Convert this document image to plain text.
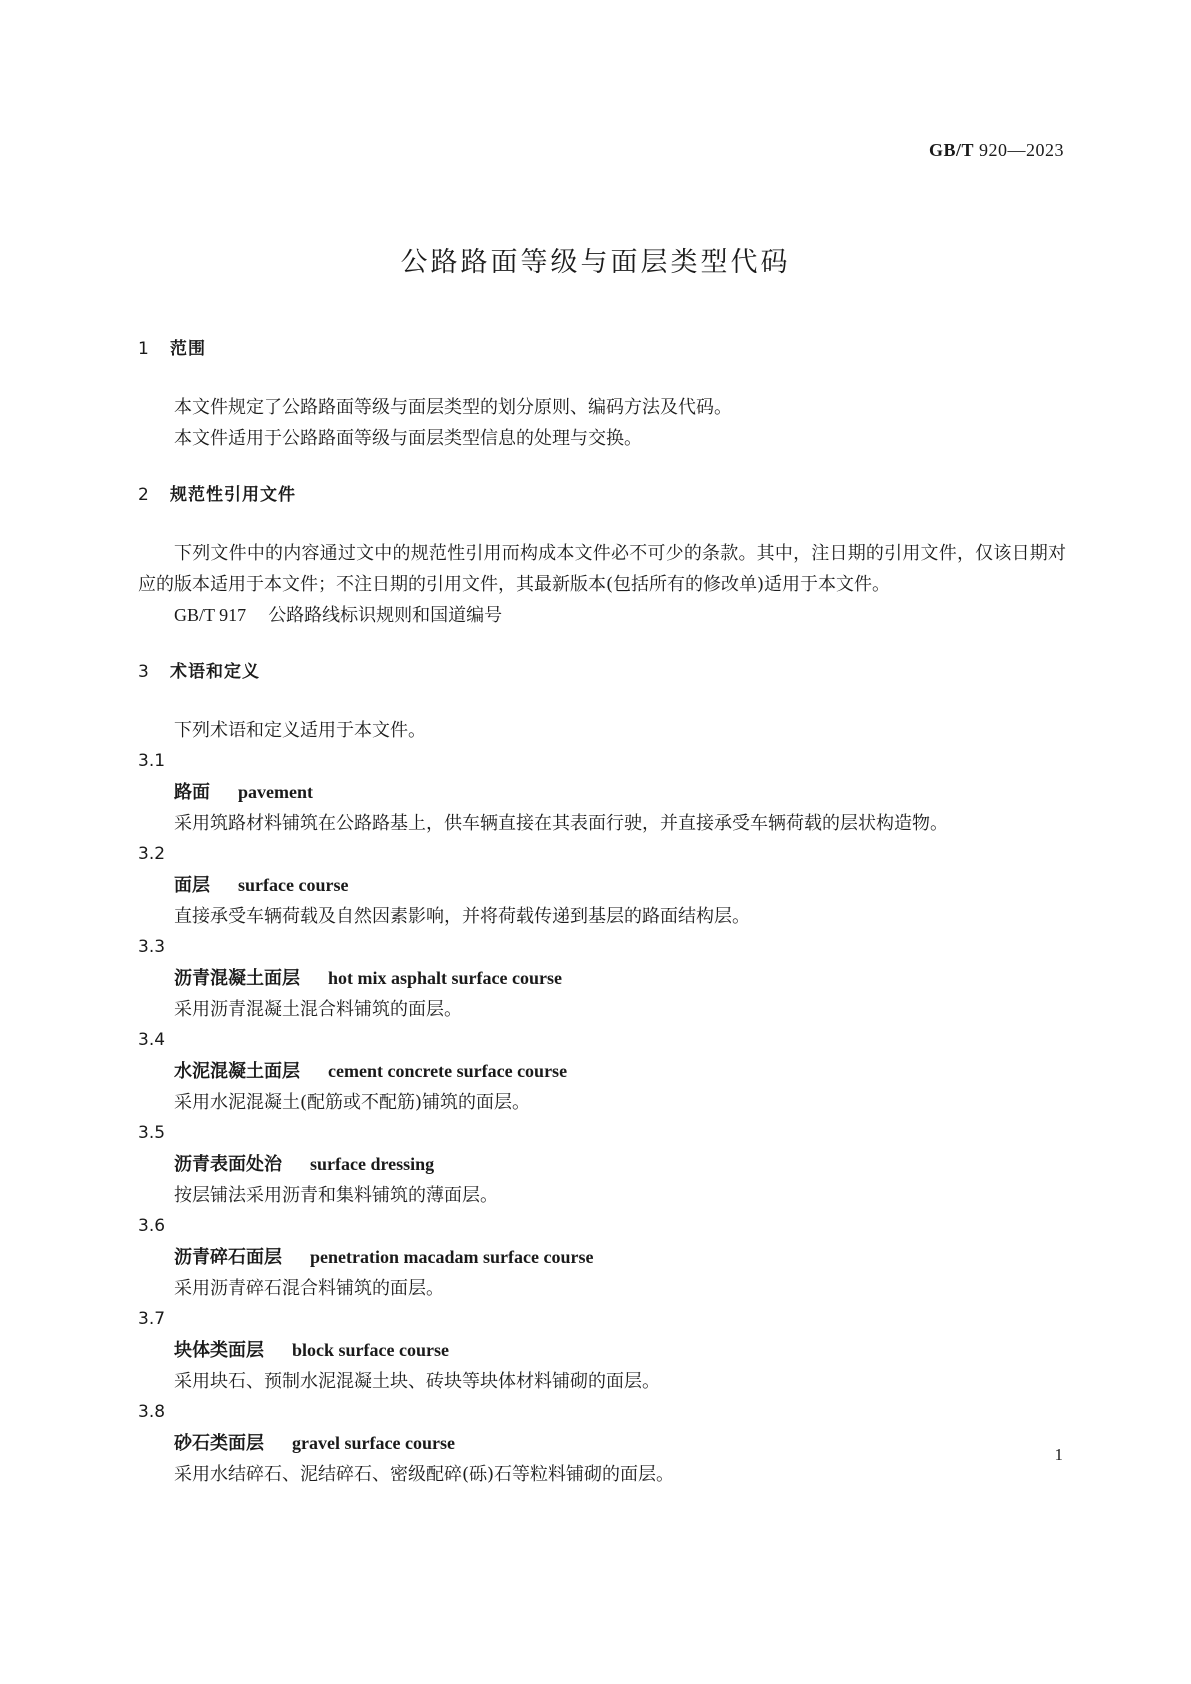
GB/T 920—2023
公路路面等级与面层类型代码
1 范围
本文件规定了公路路面等级与面层类型的划分原则、编码方法及代码。
本文件适用于公路路面等级与面层类型信息的处理与交换。
2 规范性引用文件
下列文件中的内容通过文中的规范性引用而构成本文件必不可少的条款。其中，注日期的引用文件，仅该日期对应的版本适用于本文件；不注日期的引用文件，其最新版本(包括所有的修改单)适用于本文件。
GB/T 917 公路路线标识规则和国道编号
3 术语和定义
下列术语和定义适用于本文件。
3.1
路面 pavement
采用筑路材料铺筑在公路路基上，供车辆直接在其表面行驶，并直接承受车辆荷载的层状构造物。
3.2
面层 surface course
直接承受车辆荷载及自然因素影响，并将荷载传递到基层的路面结构层。
3.3
沥青混凝土面层 hot mix asphalt surface course
采用沥青混凝土混合料铺筑的面层。
3.4
水泥混凝土面层 cement concrete surface course
采用水泥混凝土(配筋或不配筋)铺筑的面层。
3.5
沥青表面处治 surface dressing
按层铺法采用沥青和集料铺筑的薄面层。
3.6
沥青碎石面层 penetration macadam surface course
采用沥青碎石混合料铺筑的面层。
3.7
块体类面层 block surface course
采用块石、预制水泥混凝土块、砖块等块体材料铺砌的面层。
3.8
砂石类面层 gravel surface course
采用水结碎石、泥结碎石、密级配碎(砾)石等粒料铺砌的面层。
1
